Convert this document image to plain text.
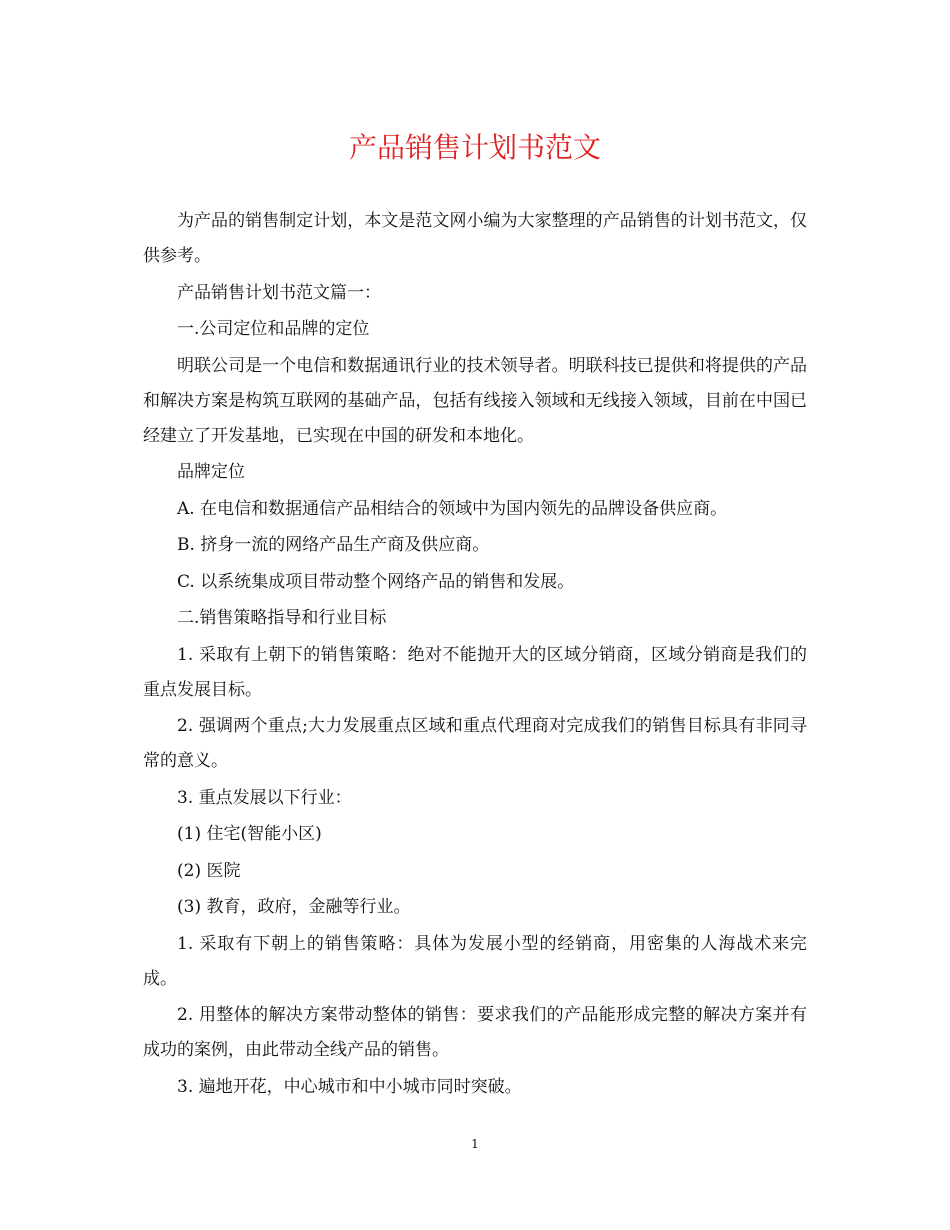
产品销售计划书范文

为产品的销售制定计划，本文是范文网小编为大家整理的产品销售的计划书范文，仅供参考。

产品销售计划书范文篇一：

一.公司定位和品牌的定位

明联公司是一个电信和数据通讯行业的技术领导者。明联科技已提供和将提供的产品和解决方案是构筑互联网的基础产品，包括有线接入领域和无线接入领域，目前在中国已经建立了开发基地，已实现在中国的研发和本地化。

品牌定位

A. 在电信和数据通信产品相结合的领域中为国内领先的品牌设备供应商。

B. 挤身一流的网络产品生产商及供应商。

C. 以系统集成项目带动整个网络产品的销售和发展。

二.销售策略指导和行业目标

1. 采取有上朝下的销售策略：绝对不能抛开大的区域分销商，区域分销商是我们的重点发展目标。

2. 强调两个重点;大力发展重点区域和重点代理商对完成我们的销售目标具有非同寻常的意义。

3. 重点发展以下行业：

(1) 住宅(智能小区)

(2) 医院

(3) 教育，政府，金融等行业。

1. 采取有下朝上的销售策略：具体为发展小型的经销商，用密集的人海战术来完成。

2. 用整体的解决方案带动整体的销售：要求我们的产品能形成完整的解决方案并有成功的案例，由此带动全线产品的销售。

3. 遍地开花，中心城市和中小城市同时突破。

1
